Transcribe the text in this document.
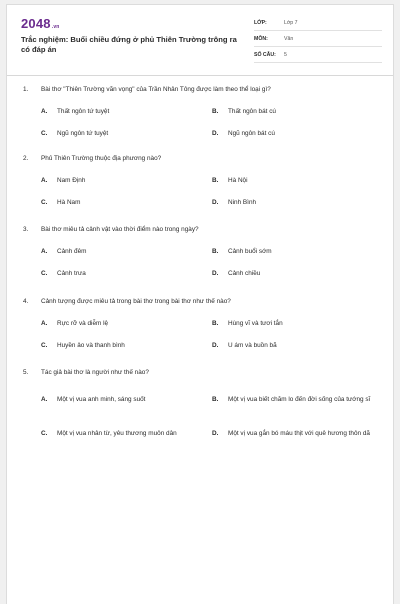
2048.vn
Trắc nghiệm: Buổi chiều đứng ở phủ Thiên Trường trông ra có đáp án
LỚP:	Lớp 7
MÔN:	Văn
SỐ CÂU:	5
1.	Bài thơ "Thiên Trường vãn vọng" của Trần Nhân Tông được làm theo thể loại gì?
A.	Thất ngôn tứ tuyệt	B.	Thất ngôn bát cú
C.	Ngũ ngôn tứ tuyệt	D.	Ngũ ngôn bát cú
2.	Phủ Thiên Trường thuộc địa phương nào?
A.	Nam Định	B.	Hà Nội
C.	Hà Nam	D.	Ninh Bình
3.	Bài thơ miêu tả cảnh vật vào thời điểm nào trong ngày?
A.	Cảnh đêm	B.	Cảnh buổi sớm
C.	Cảnh trưa	D.	Cảnh chiều
4.	Cảnh tượng được miêu tả trong bài thơ trong bài thơ như thế nào?
A.	Rực rỡ và diễm lệ	B.	Hùng vĩ và tươi tắn
C.	Huyền ảo và thanh bình	D.	U ám và buồn bã
5.	Tác giả bài thơ là người như thế nào?
A.	Một vị vua anh minh, sáng suốt	B.	Một vị vua biết chăm lo đến đời sống của tướng sĩ
C.	Một vị vua nhân từ, yêu thương muôn dân	D.	Một vị vua gắn bó máu thịt với quê hương thôn dã
